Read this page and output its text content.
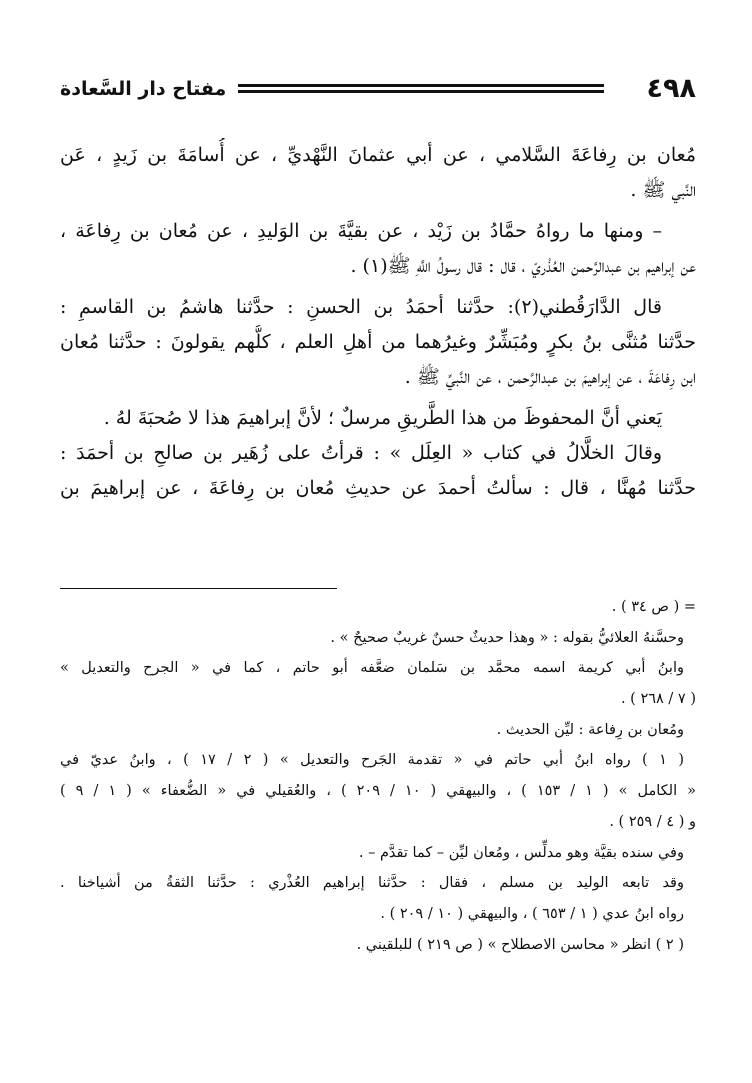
٤٩٨
مفتاح دار السَّعادة
مُعان بن رِفاعَةَ السَّلامي ، عن أبي عثمانَ النَّهْديِّ ، عن أُسامَةَ بن زَيدٍ ، عَن
النَّبي ﷺ .
– ومنها ما رواهُ حمَّادُ بن زَيْد ، عن بقيَّةَ بن الوَليدِ ، عن مُعان بن رِفاعَة ،
عن إبراهيم بن عبدالرَّحمن العُذْريّ ، قال : قال رسولُ اللَّهِ ﷺ(١) .
قال الدَّارَقُطني(٢): حدَّثنا أحمَدُ بن الحسنِ : حدَّثنا هاشمُ بن القاسمِ :
حدَّثنا مُثنَّى بنُ بكرٍ ومُبَشِّرٌ وغيرُهما من أهلِ العلم ، كلُّهم يقولونَ : حدَّثنا مُعان
ابن رِفاعَةَ ، عن إبراهيمَ بن عبدالرَّحمن ، عن النَّبيِّ ﷺ .
يَعني أنَّ المحفوظَ من هذا الطَّريقِ مرسلٌ ؛ لأنَّ إبراهيمَ هذا لا صُحبَةَ لهُ .
وقالَ الخلَّالُ في كتاب « العِلَل » : قرأتُ على زُهَير بن صالحِ بن أحمَدَ :
حدَّثنا مُهنَّا ، قال : سألتُ أحمدَ عن حديثِ مُعان بن رِفاعَةَ ، عن إبراهيمَ بن
= ( ص ٣٤ ) .
وحسَّنهُ العلائيُّ بقوله : « وهذا حديثٌ حسنٌ غريبٌ صحيحٌ » .
وابنُ أبي كريمة اسمه محمَّد بن سَلمان ضعَّفه أبو حاتم ، كما في « الجرح والتعديل »
( ٧ / ٢٦٨ ) .
ومُعان بن رِفاعة : ليِّن الحديث .
( ١ ) رواه ابنُ أبي حاتم في « تقدمة الجَرح والتعديل » ( ٢ / ١٧ ) ، وابنُ عديّ في
« الكامل » ( ١ / ١٥٣ ) ، والبيهقي ( ١٠ / ٢٠٩ ) ، والعُقيلي في « الضُّعفاء » ( ١ / ٩ )
و ( ٤ / ٢٥٩ ) .
وفي سنده بقيَّة وهو مدلِّس ، ومُعان ليِّن – كما تقدَّم – .
وقد تابعه الوليد بن مسلم ، فقال : حدَّثنا إبراهيم العُذْري : حدَّثنا الثقةُ من أشياخنا .
رواه ابنُ عدي ( ١ / ٦٥٣ ) ، والبيهقي ( ١٠ / ٢٠٩ ) .
( ٢ ) انظر « محاسن الاصطلاح » ( ص ٢١٩ ) للبلقيني .
